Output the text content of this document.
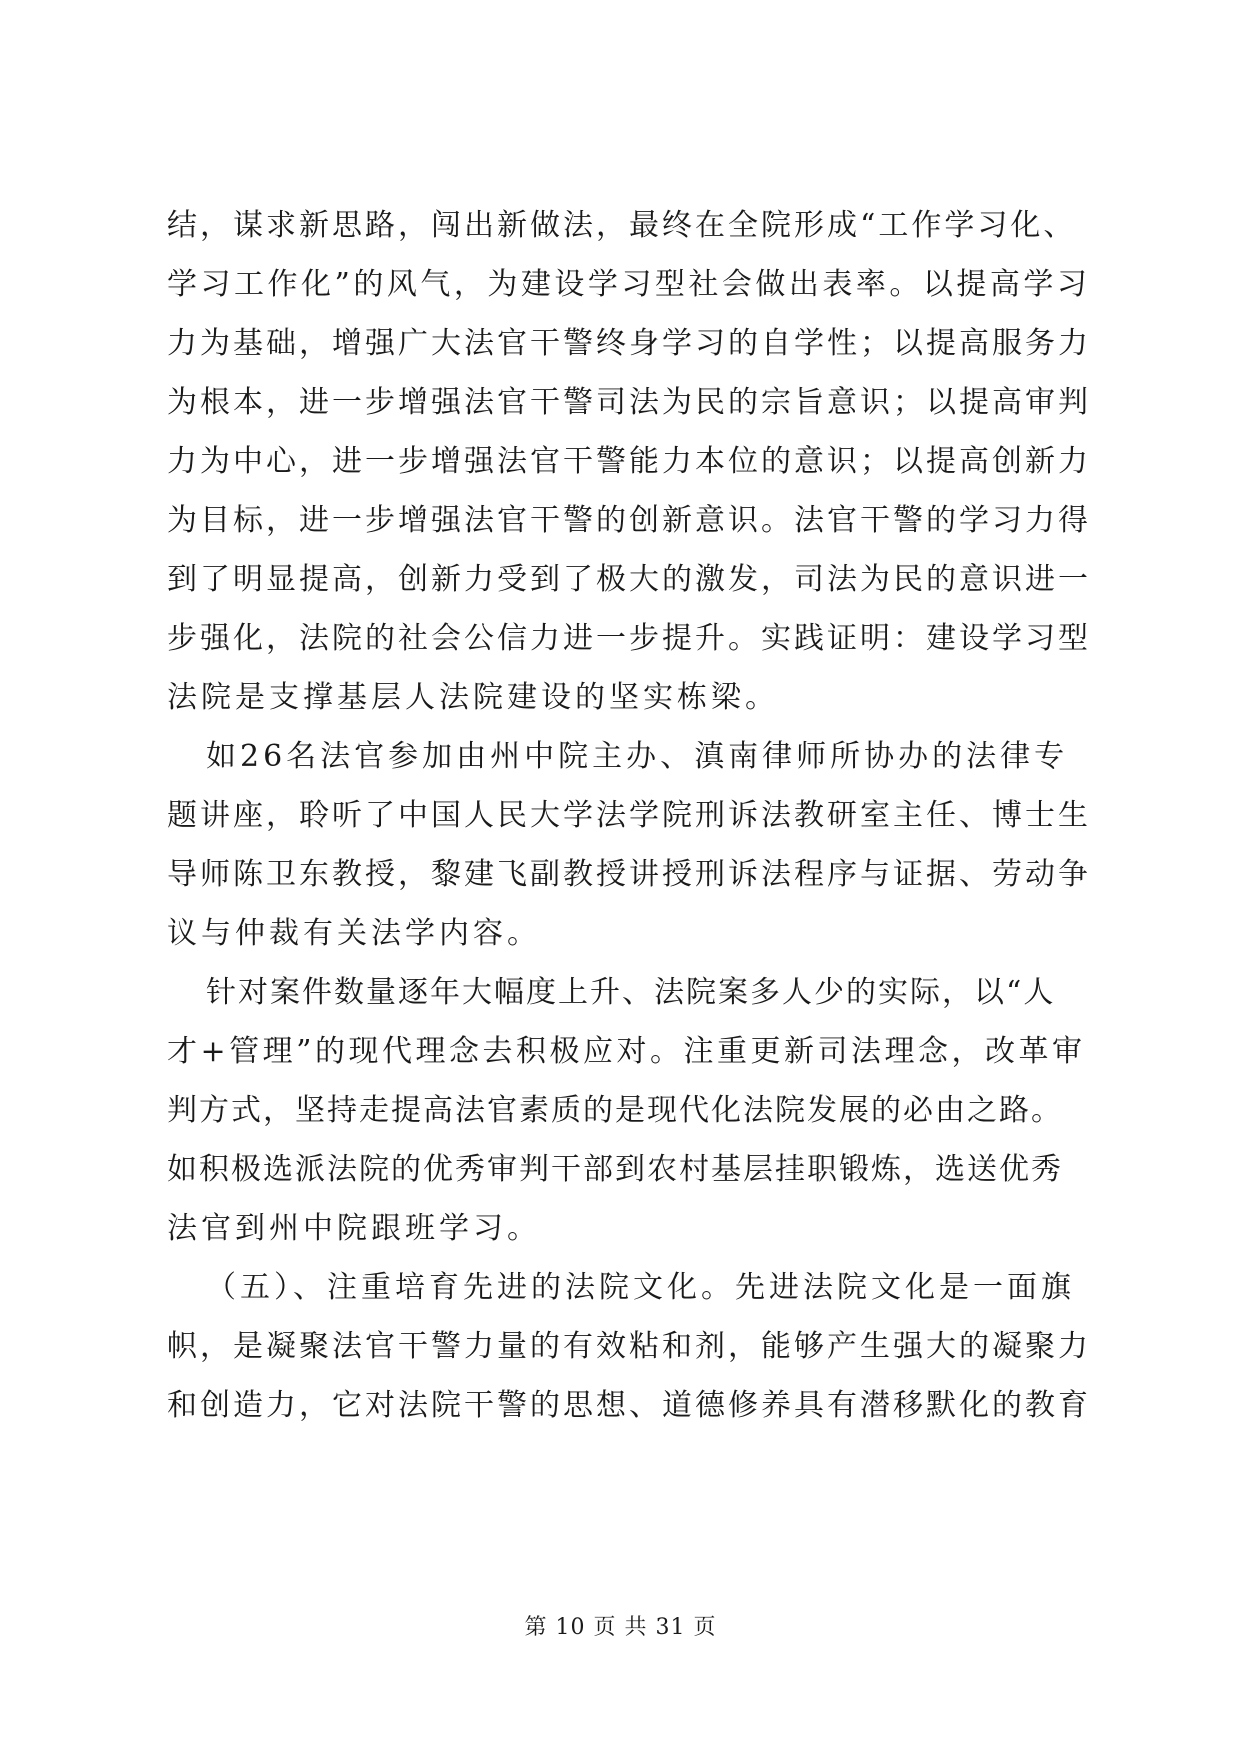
结，谋求新思路，闯出新做法，最终在全院形成“工作学习化、
学习工作化”的风气，为建设学习型社会做出表率。以提高学习
力为基础，增强广大法官干警终身学习的自学性；以提高服务力
为根本，进一步增强法官干警司法为民的宗旨意识；以提高审判
力为中心，进一步增强法官干警能力本位的意识；以提高创新力
为目标，进一步增强法官干警的创新意识。法官干警的学习力得
到了明显提高，创新力受到了极大的激发，司法为民的意识进一
步强化，法院的社会公信力进一步提升。实践证明：建设学习型
法院是支撑基层人法院建设的坚实栋梁。
如26名法官参加由州中院主办、滇南律师所协办的法律专
题讲座，聆听了中国人民大学法学院刑诉法教研室主任、博士生
导师陈卫东教授，黎建飞副教授讲授刑诉法程序与证据、劳动争
议与仲裁有关法学内容。
针对案件数量逐年大幅度上升、法院案多人少的实际，以“人
才+管理”的现代理念去积极应对。注重更新司法理念，改革审
判方式，坚持走提高法官素质的是现代化法院发展的必由之路。
如积极选派法院的优秀审判干部到农村基层挂职锻炼，选送优秀
法官到州中院跟班学习。
（五）、注重培育先进的法院文化。先进法院文化是一面旗
帜，是凝聚法官干警力量的有效粘和剂，能够产生强大的凝聚力
和创造力，它对法院干警的思想、道德修养具有潜移默化的教育
第 10 页 共 31 页
